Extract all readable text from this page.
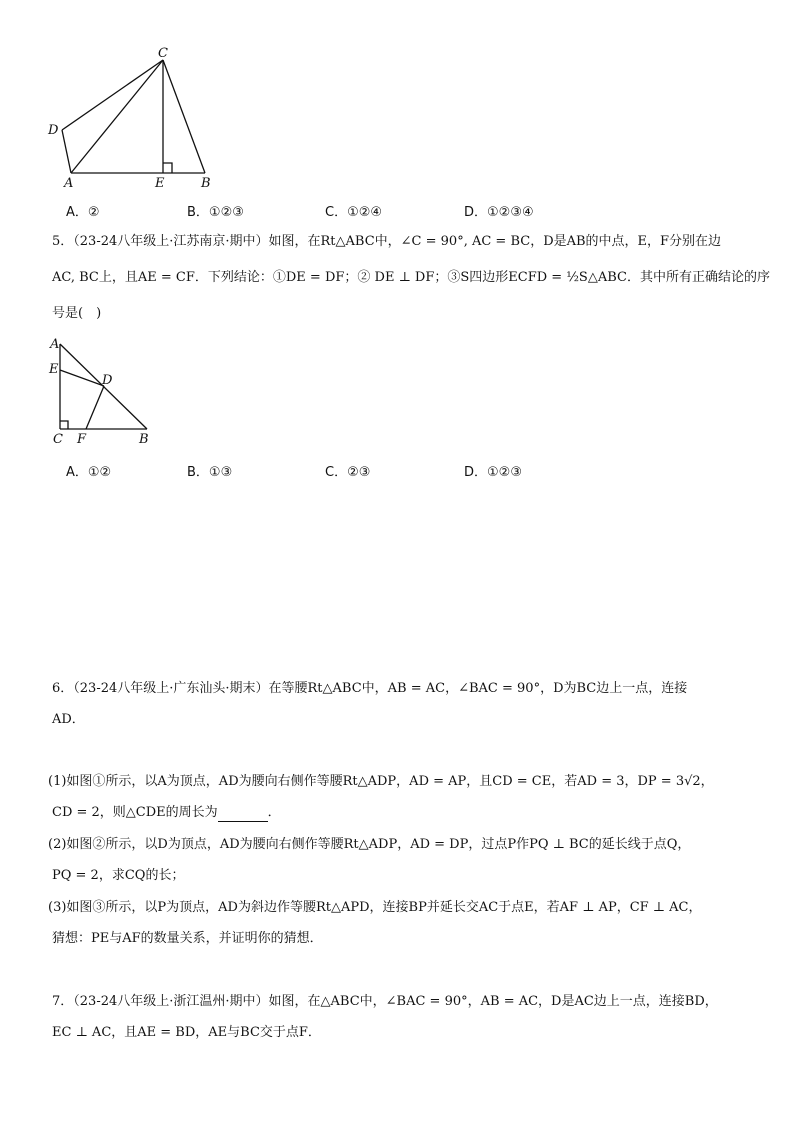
C
D
A	E	B
A．②	B．①②③	C．①②④	D．①②③④
5．（23-24八年级上·江苏南京·期中）如图，在Rt△ABC中，∠C = 90°, AC = BC，D是AB的中点，E，F分别在边
AC, BC上，且AE = CF．下列结论：①DE = DF；② DE ⊥ DF；③S四边形ECFD = ½S△ABC．其中所有正确结论的序
号是(　)
A
E
D
C F	B
A．①②	B．①③	C．②③	D．①②③
6．（23-24八年级上·广东汕头·期末）在等腰Rt△ABC中，AB = AC，∠BAC = 90°，D为BC边上一点，连接
AD．
(1)如图①所示，以A为顶点，AD为腰向右侧作等腰Rt△ADP，AD = AP，且CD = CE，若AD = 3，DP = 3√2，
CD = 2，则△CDE的周长为	．
(2)如图②所示，以D为顶点，AD为腰向右侧作等腰Rt△ADP，AD = DP，过点P作PQ ⊥ BC的延长线于点Q，
PQ = 2，求CQ的长；
(3)如图③所示，以P为顶点，AD为斜边作等腰Rt△APD，连接BP并延长交AC于点E，若AF ⊥ AP，CF ⊥ AC，
猜想：PE与AF的数量关系，并证明你的猜想．
7．（23-24八年级上·浙江温州·期中）如图，在△ABC中，∠BAC = 90°，AB = AC，D是AC边上一点，连接BD，
EC ⊥ AC，且AE = BD，AE与BC交于点F．
